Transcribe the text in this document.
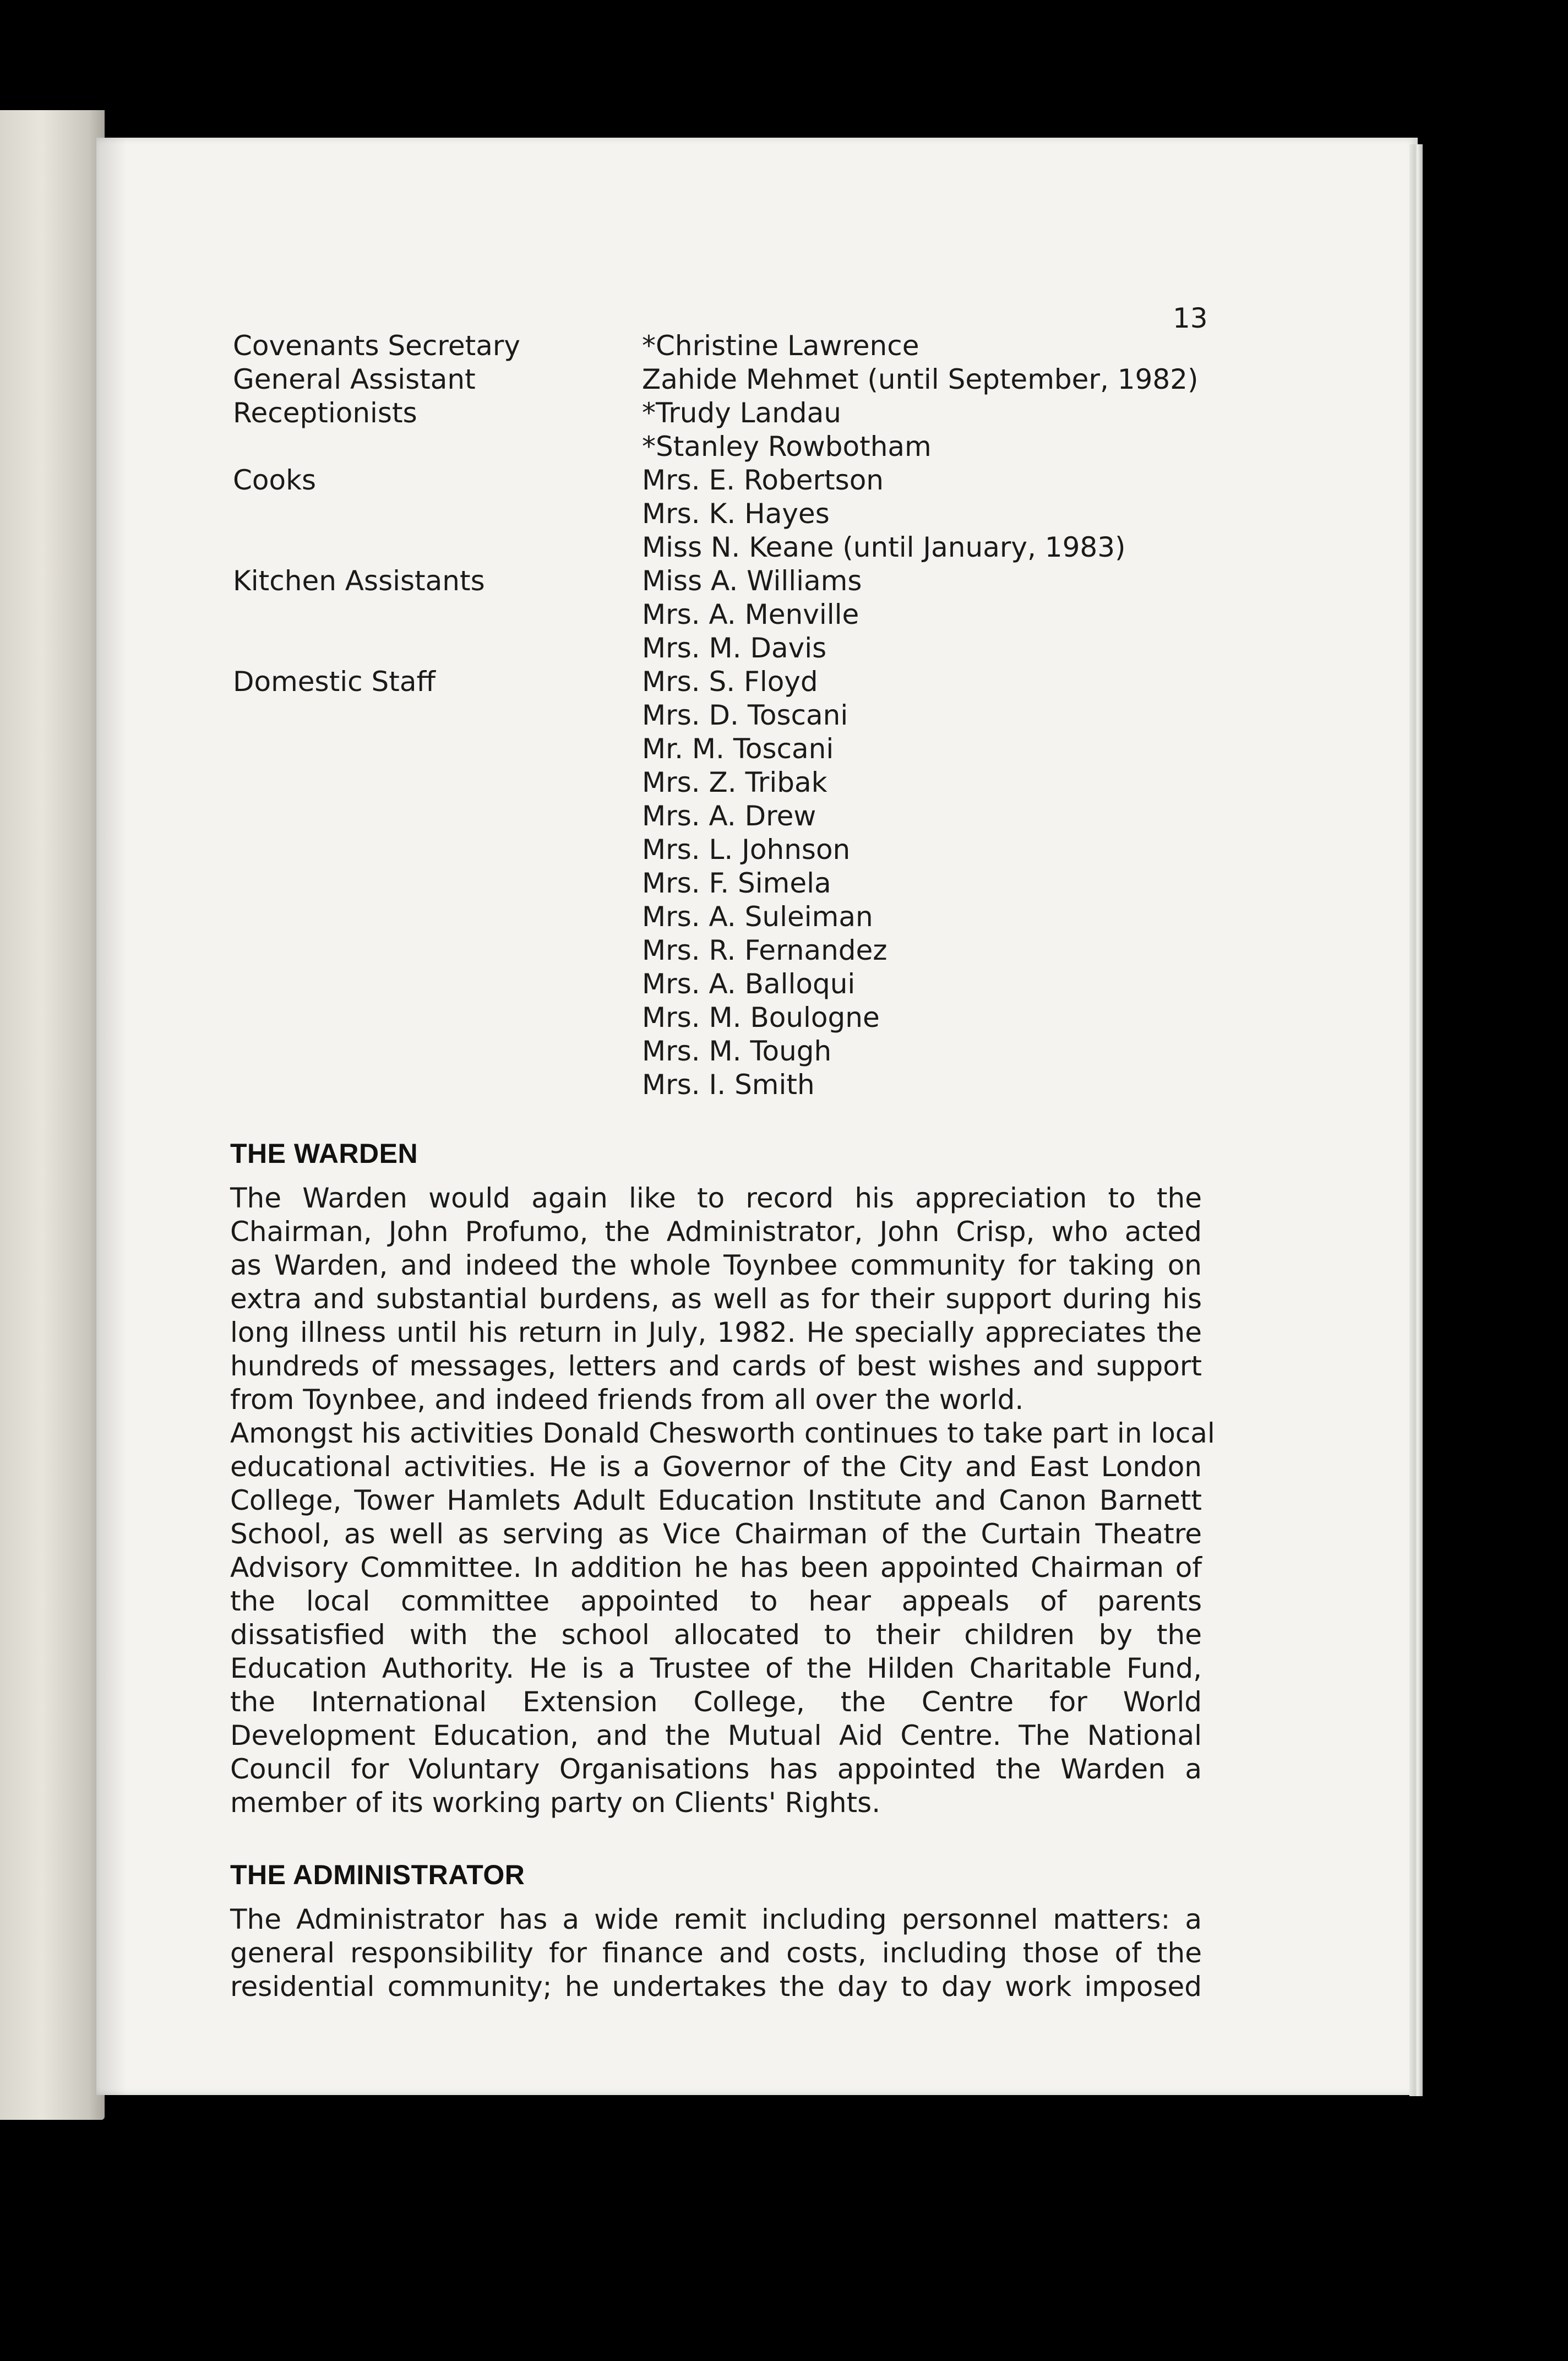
13
Covenants Secretary	*Christine Lawrence
General Assistant	Zahide Mehmet (until September, 1982)
Receptionists	*Trudy Landau
*Stanley Rowbotham
Cooks	Mrs. E. Robertson
Mrs. K. Hayes
Miss N. Keane (until January, 1983)
Kitchen Assistants	Miss A. Williams
Mrs. A. Menville
Mrs. M. Davis
Domestic Staff	Mrs. S. Floyd
Mrs. D. Toscani
Mr. M. Toscani
Mrs. Z. Tribak
Mrs. A. Drew
Mrs. L. Johnson
Mrs. F. Simela
Mrs. A. Suleiman
Mrs. R. Fernandez
Mrs. A. Balloqui
Mrs. M. Boulogne
Mrs. M. Tough
Mrs. I. Smith
THE WARDEN
The Warden would again like to record his appreciation to the
Chairman, John Profumo, the Administrator, John Crisp, who acted
as Warden, and indeed the whole Toynbee community for taking on
extra and substantial burdens, as well as for their support during his
long illness until his return in July, 1982. He specially appreciates the
hundreds of messages, letters and cards of best wishes and support
from Toynbee, and indeed friends from all over the world.
Amongst his activities Donald Chesworth continues to take part in local
educational activities. He is a Governor of the City and East London
College, Tower Hamlets Adult Education Institute and Canon Barnett
School, as well as serving as Vice Chairman of the Curtain Theatre
Advisory Committee. In addition he has been appointed Chairman of
the local committee appointed to hear appeals of parents
dissatisfied with the school allocated to their children by the
Education Authority. He is a Trustee of the Hilden Charitable Fund,
the International Extension College, the Centre for World
Development Education, and the Mutual Aid Centre. The National
Council for Voluntary Organisations has appointed the Warden a
member of its working party on Clients' Rights.
THE ADMINISTRATOR
The Administrator has a wide remit including personnel matters: a
general responsibility for finance and costs, including those of the
residential community; he undertakes the day to day work imposed
